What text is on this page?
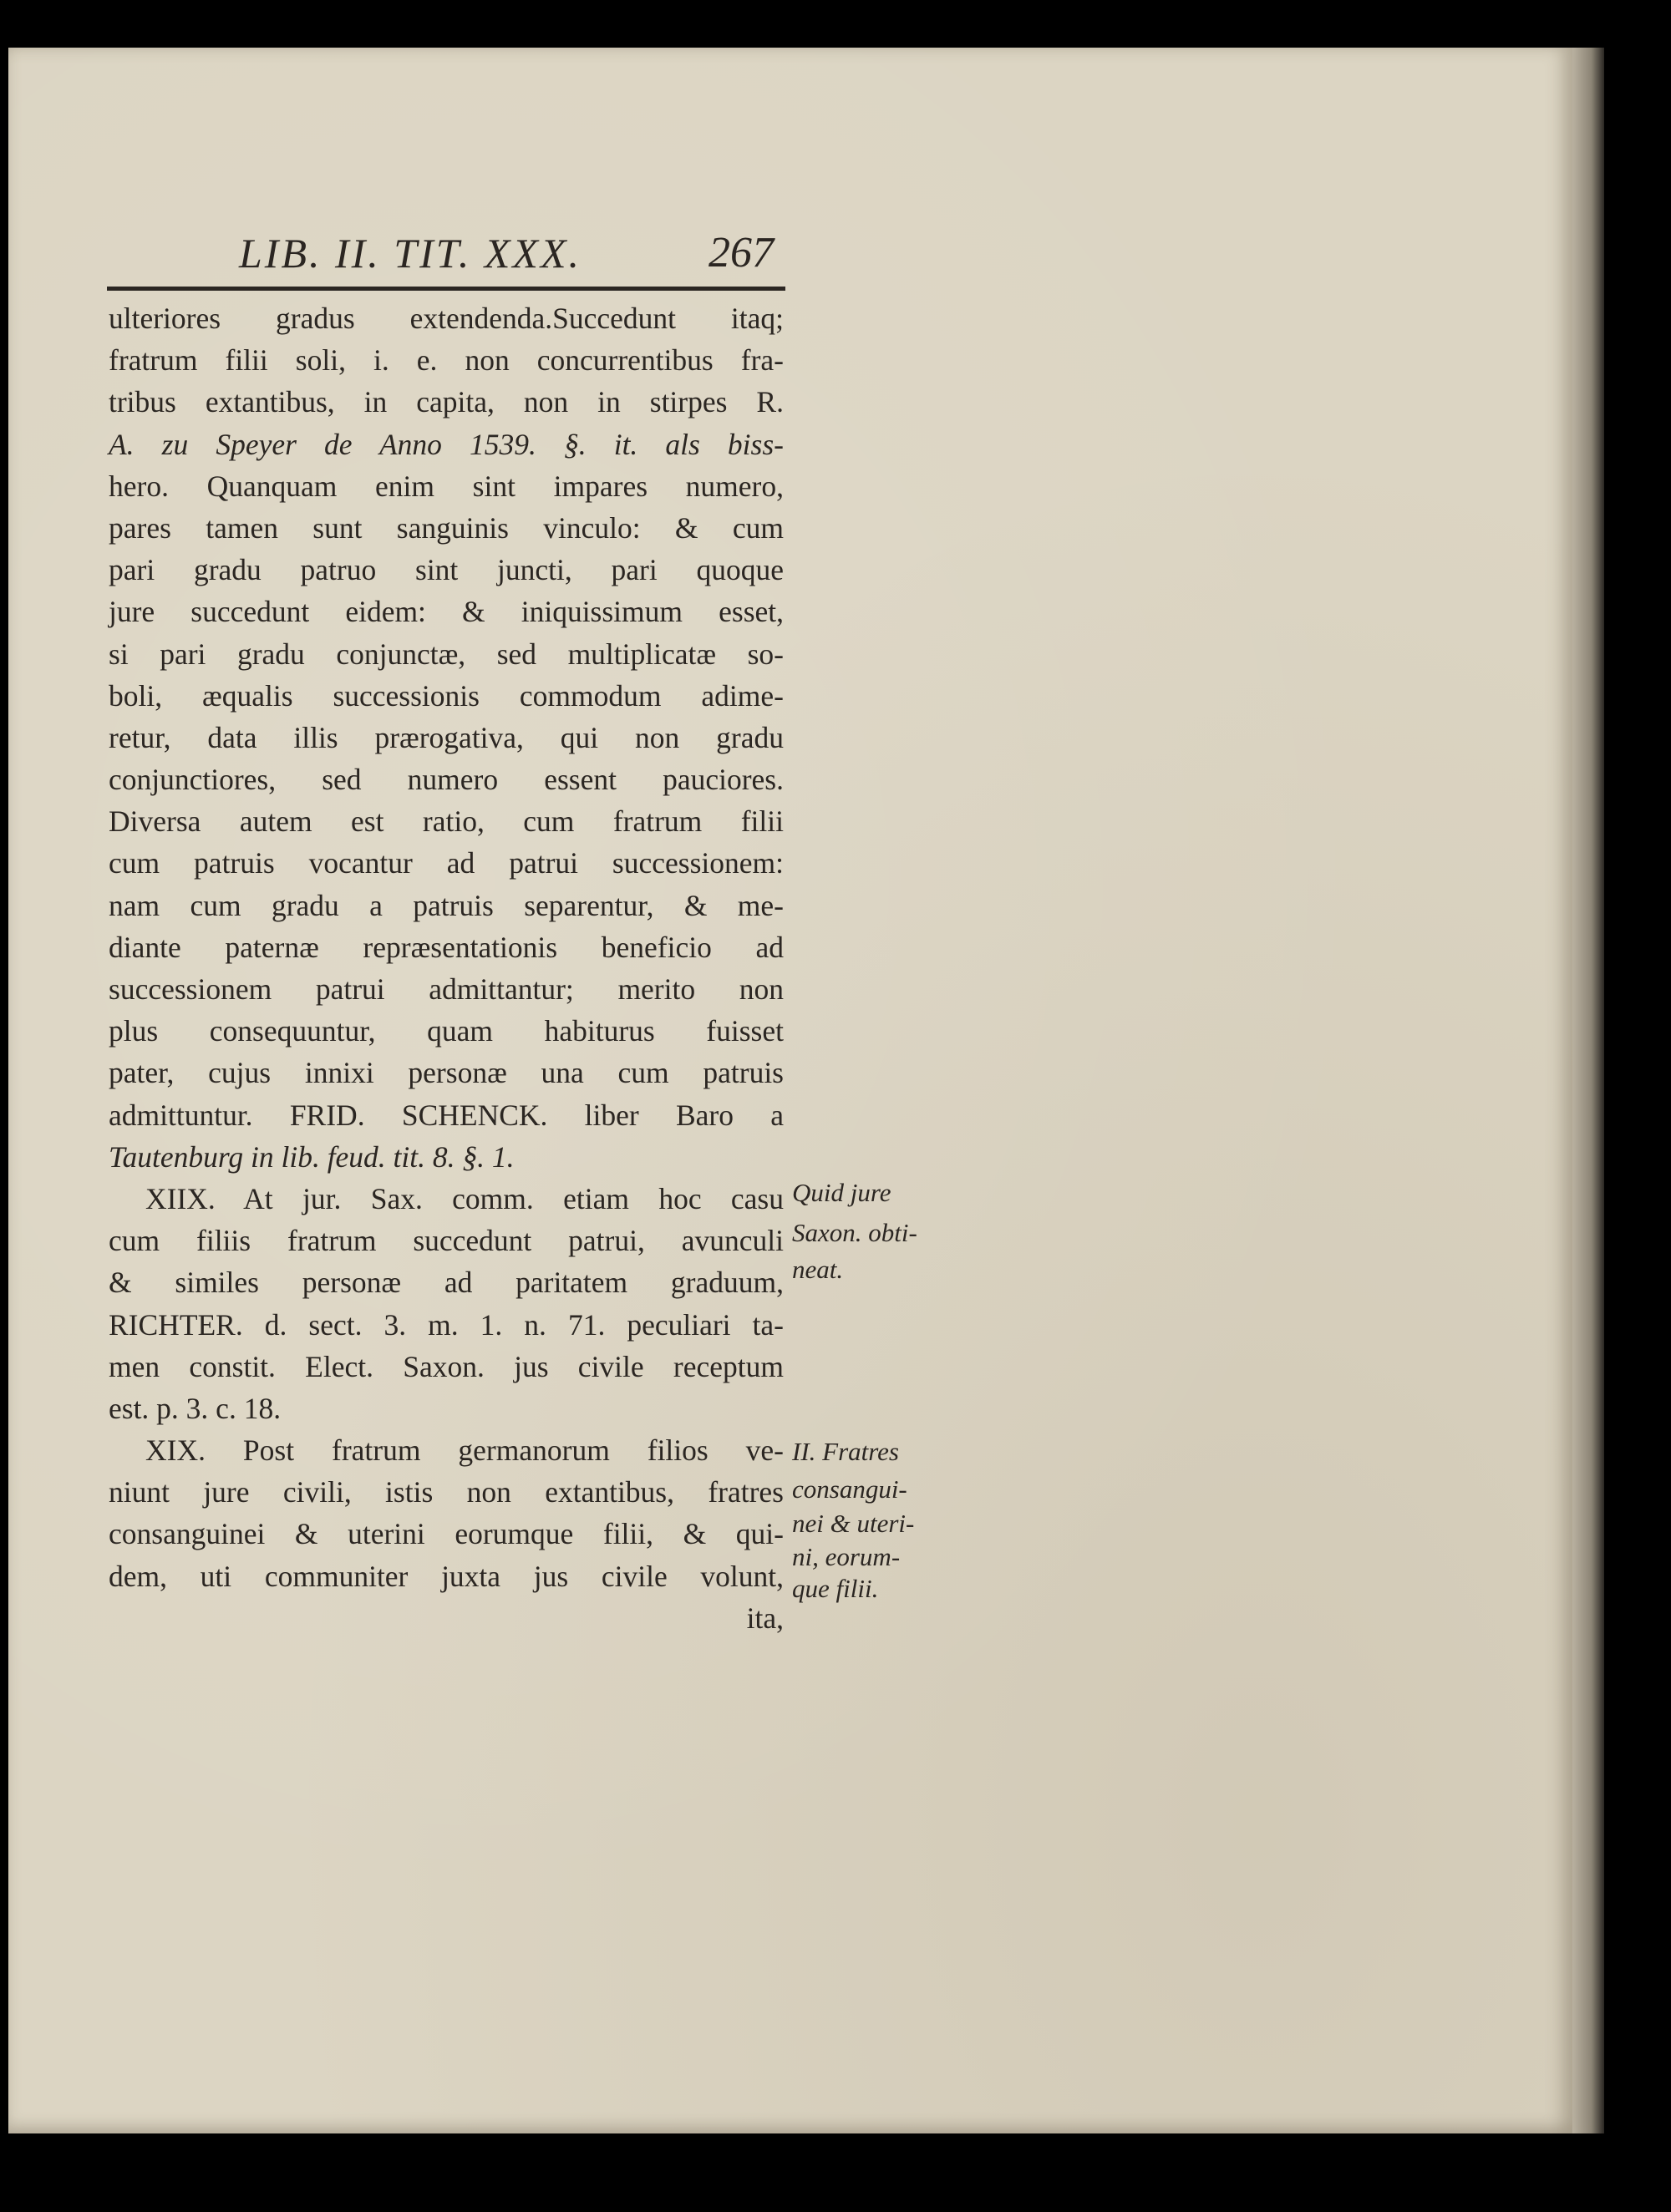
LIB. II. TIT. XXX.	267
ulteriores gradus extendenda.Succedunt itaq;
fratrum filii soli, i. e. non concurrentibus fra-
tribus extantibus, in capita, non in stirpes R.
A. zu Speyer de Anno 1539. §. it. als biss-
hero. Quanquam enim sint impares numero,
pares tamen sunt sanguinis vinculo: & cum
pari gradu patruo sint juncti, pari quoque
jure succedunt eidem: & iniquissimum esset,
si pari gradu conjunctæ, sed multiplicatæ so-
boli, æqualis successionis commodum adime-
retur, data illis prærogativa, qui non gradu
conjunctiores, sed numero essent pauciores.
Diversa autem est ratio, cum fratrum filii
cum patruis vocantur ad patrui successionem:
nam cum gradu a patruis separentur, & me-
diante paternæ repræsentationis beneficio ad
successionem patrui admittantur; merito non
plus consequuntur, quam habiturus fuisset
pater, cujus innixi personæ una cum patruis
admittuntur. FRID. SCHENCK. liber Baro a
Tautenburg in lib. feud. tit. 8. §. 1.
XIIX. At jur. Sax. comm. etiam hoc casu
cum filiis fratrum succedunt patrui, avunculi
& similes personæ ad paritatem graduum,
RICHTER. d. sect. 3. m. 1. n. 71. peculiari ta-
men constit. Elect. Saxon. jus civile receptum
est. p. 3. c. 18.
XIX. Post fratrum germanorum filios ve-
niunt jure civili, istis non extantibus, fratres
consanguinei & uterini eorumque filii, & qui-
dem, uti communiter juxta jus civile volunt,
ita,
Quid jure
Saxon. obti-
neat.
II. Fratres
consangui-
nei & uteri-
ni, eorum-
que filii.
